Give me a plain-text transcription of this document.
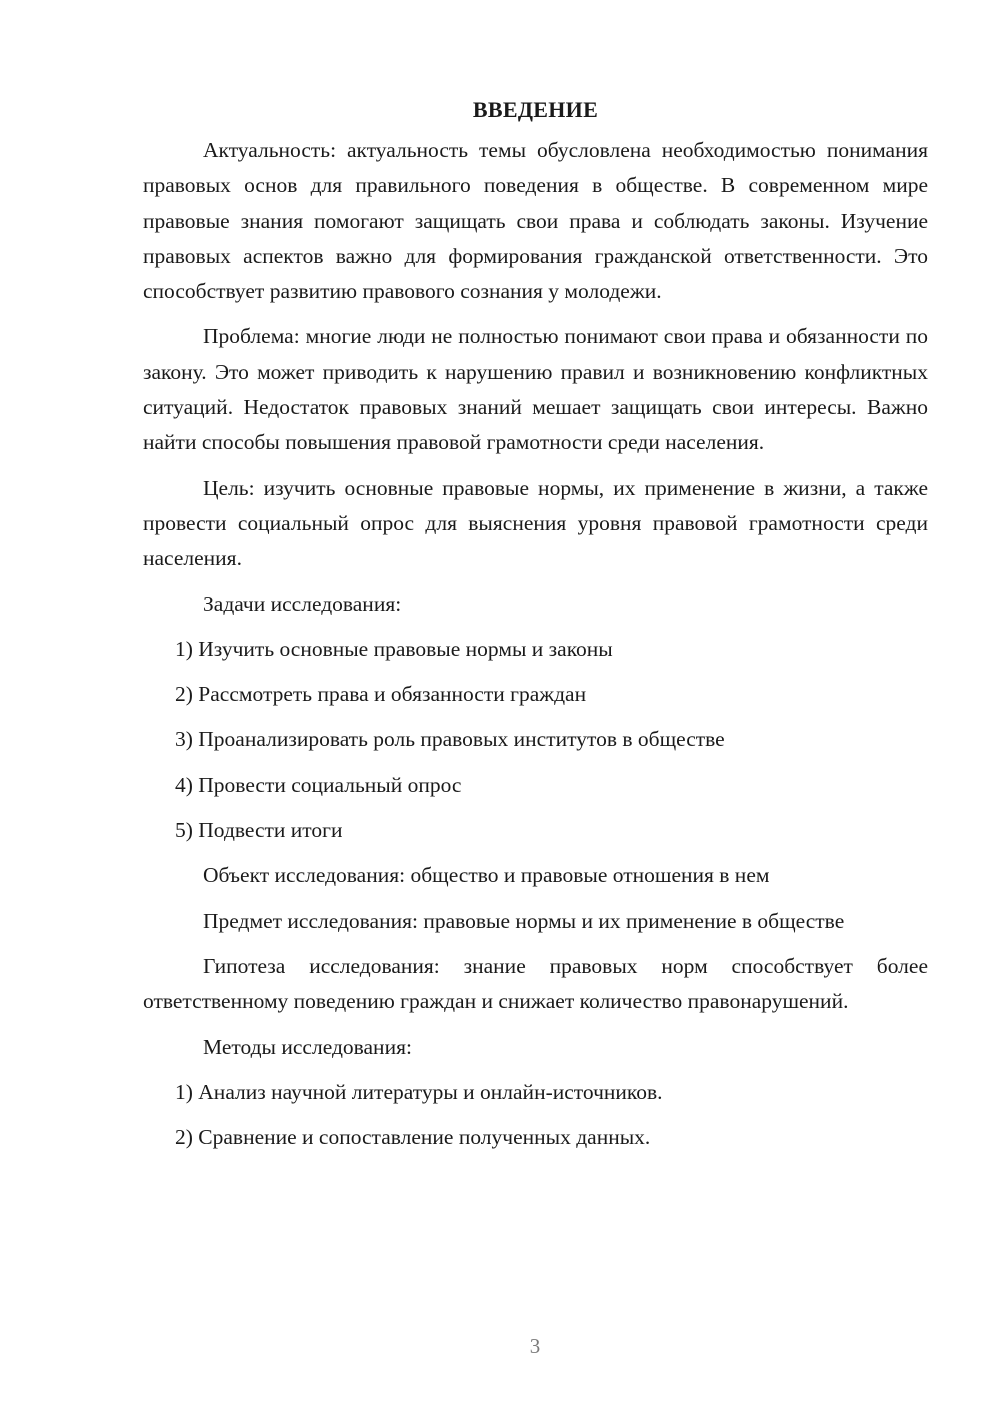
ВВЕДЕНИЕ

Актуальность: актуальность темы обусловлена необходимостью понимания правовых основ для правильного поведения в обществе. В современном мире правовые знания помогают защищать свои права и соблюдать законы. Изучение правовых аспектов важно для формирования гражданской ответственности. Это способствует развитию правового сознания у молодежи.

Проблема: многие люди не полностью понимают свои права и обязанности по закону. Это может приводить к нарушению правил и возникновению конфликтных ситуаций. Недостаток правовых знаний мешает защищать свои интересы. Важно найти способы повышения правовой грамотности среди населения.

Цель: изучить основные правовые нормы, их применение в жизни, а также провести социальный опрос для выяснения уровня правовой грамотности среди населения.

Задачи исследования:

1) Изучить основные правовые нормы и законы
2) Рассмотреть права и обязанности граждан
3) Проанализировать роль правовых институтов в обществе
4) Провести социальный опрос
5) Подвести итоги

Объект исследования: общество и правовые отношения в нем

Предмет исследования: правовые нормы и их применение в обществе

Гипотеза исследования: знание правовых норм способствует более ответственному поведению граждан и снижает количество правонарушений.

Методы исследования:

1) Анализ научной литературы и онлайн-источников.
2) Сравнение и сопоставление полученных данных.
3
